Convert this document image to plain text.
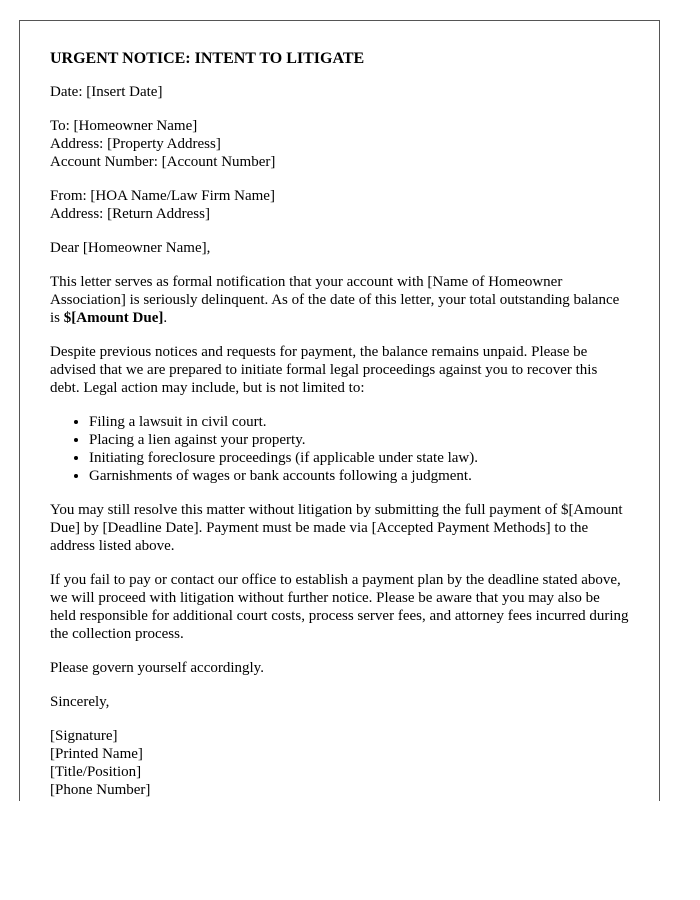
URGENT NOTICE: INTENT TO LITIGATE
Date: [Insert Date]
To: [Homeowner Name]
Address: [Property Address]
Account Number: [Account Number]
From: [HOA Name/Law Firm Name]
Address: [Return Address]
Dear [Homeowner Name],

This letter serves as formal notification that your account with [Name of Homeowner Association] is seriously delinquent. As of the date of this letter, your total outstanding balance is $[Amount Due].

Despite previous notices and requests for payment, the balance remains unpaid. Please be advised that we are prepared to initiate formal legal proceedings against you to recover this debt. Legal action may include, but is not limited to:

• Filing a lawsuit in civil court.
• Placing a lien against your property.
• Initiating foreclosure proceedings (if applicable under state law).
• Garnishments of wages or bank accounts following a judgment.

You may still resolve this matter without litigation by submitting the full payment of $[Amount Due] by [Deadline Date]. Payment must be made via [Accepted Payment Methods] to the address listed above.

If you fail to pay or contact our office to establish a payment plan by the deadline stated above, we will proceed with litigation without further notice. Please be aware that you may also be held responsible for additional court costs, process server fees, and attorney fees incurred during the collection process.

Please govern yourself accordingly.

Sincerely,

[Signature]
[Printed Name]
[Title/Position]
[Phone Number]
